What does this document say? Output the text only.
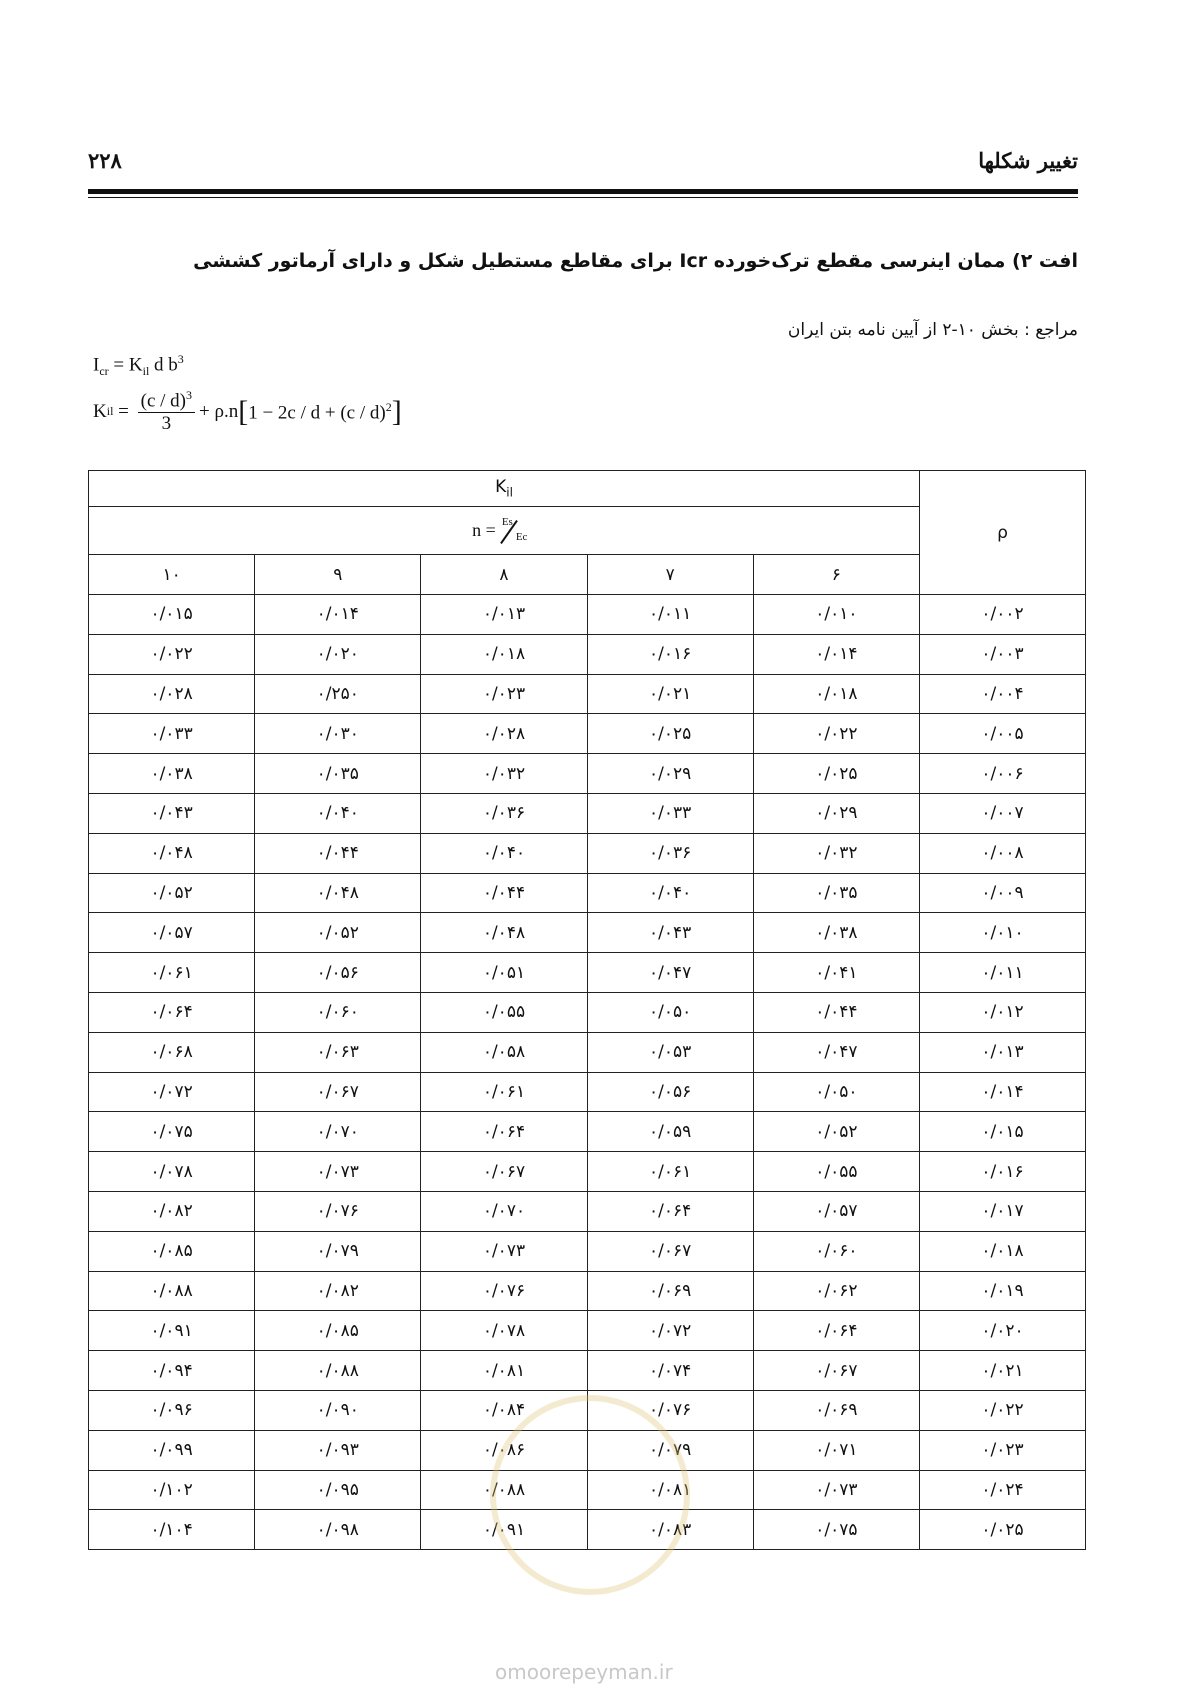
۲۲۸	تغییر شکلها
افت ۲) ممان اینرسی مقطع ترک‌خورده Icr برای مقاطع مستطیل شکل و دارای آرماتور کششی
مراجع : بخش ۱۰-۲ از آیین نامه بتن ایران
$I_{cr} = K_{il}$ d $b^3$
K il = $\frac{(c / d)^3}{3} + \rho.n$ [ 1 − 2c / d + (c / d)$^2$ ]
$K_{il}$					ρ

n = Es
Ec					

۱۰	۹	۸	۷	۶	
۰/۰۱۵	۰/۰۱۴	۰/۰۱۳	۰/۰۱۱	۰/۰۱۰	۰/۰۰۲
۰/۰۲۲	۰/۰۲۰	۰/۰۱۸	۰/۰۱۶	۰/۰۱۴	۰/۰۰۳
۰/۰۲۸	۰/۲۵۰	۰/۰۲۳	۰/۰۲۱	۰/۰۱۸	۰/۰۰۴
۰/۰۳۳	۰/۰۳۰	۰/۰۲۸	۰/۰۲۵	۰/۰۲۲	۰/۰۰۵
۰/۰۳۸	۰/۰۳۵	۰/۰۳۲	۰/۰۲۹	۰/۰۲۵	۰/۰۰۶
۰/۰۴۳	۰/۰۴۰	۰/۰۳۶	۰/۰۳۳	۰/۰۲۹	۰/۰۰۷
۰/۰۴۸	۰/۰۴۴	۰/۰۴۰	۰/۰۳۶	۰/۰۳۲	۰/۰۰۸
۰/۰۵۲	۰/۰۴۸	۰/۰۴۴	۰/۰۴۰	۰/۰۳۵	۰/۰۰۹
۰/۰۵۷	۰/۰۵۲	۰/۰۴۸	۰/۰۴۳	۰/۰۳۸	۰/۰۱۰
۰/۰۶۱	۰/۰۵۶	۰/۰۵۱	۰/۰۴۷	۰/۰۴۱	۰/۰۱۱
۰/۰۶۴	۰/۰۶۰	۰/۰۵۵	۰/۰۵۰	۰/۰۴۴	۰/۰۱۲
۰/۰۶۸	۰/۰۶۳	۰/۰۵۸	۰/۰۵۳	۰/۰۴۷	۰/۰۱۳
۰/۰۷۲	۰/۰۶۷	۰/۰۶۱	۰/۰۵۶	۰/۰۵۰	۰/۰۱۴
۰/۰۷۵	۰/۰۷۰	۰/۰۶۴	۰/۰۵۹	۰/۰۵۲	۰/۰۱۵
۰/۰۷۸	۰/۰۷۳	۰/۰۶۷	۰/۰۶۱	۰/۰۵۵	۰/۰۱۶
۰/۰۸۲	۰/۰۷۶	۰/۰۷۰	۰/۰۶۴	۰/۰۵۷	۰/۰۱۷
۰/۰۸۵	۰/۰۷۹	۰/۰۷۳	۰/۰۶۷	۰/۰۶۰	۰/۰۱۸
۰/۰۸۸	۰/۰۸۲	۰/۰۷۶	۰/۰۶۹	۰/۰۶۲	۰/۰۱۹
۰/۰۹۱	۰/۰۸۵	۰/۰۷۸	۰/۰۷۲	۰/۰۶۴	۰/۰۲۰
۰/۰۹۴	۰/۰۸۸	۰/۰۸۱	۰/۰۷۴	۰/۰۶۷	۰/۰۲۱
۰/۰۹۶	۰/۰۹۰	۰/۰۸۴	۰/۰۷۶	۰/۰۶۹	۰/۰۲۲
۰/۰۹۹	۰/۰۹۳	۰/۰۸۶	۰/۰۷۹	۰/۰۷۱	۰/۰۲۳
۰/۱۰۲	۰/۰۹۵	۰/۰۸۸	۰/۰۸۱	۰/۰۷۳	۰/۰۲۴
۰/۱۰۴	۰/۰۹۸	۰/۰۹۱	۰/۰۸۳	۰/۰۷۵	۰/۰۲۵
omoorepeyman.ir
